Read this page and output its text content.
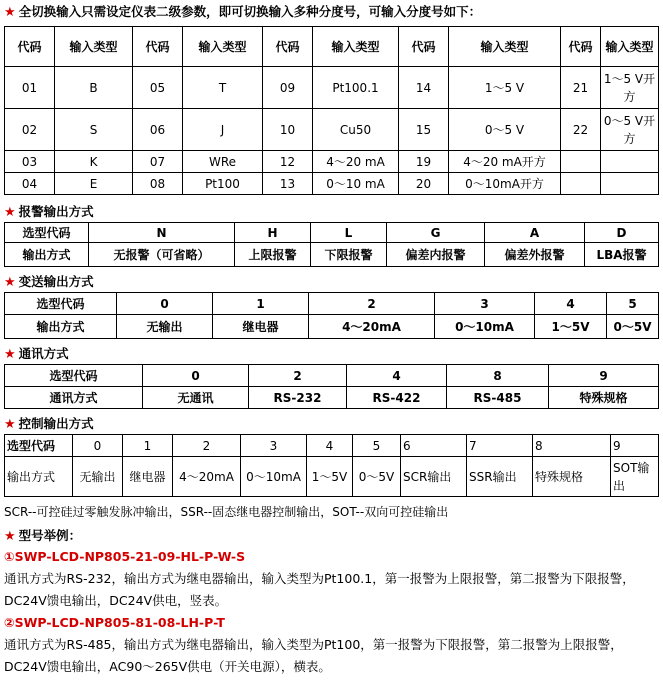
★ 全切换输入只需设定仪表二级参数，即可切换输入多种分度号，可输入分度号如下：
代码	输入类型	代码	输入类型	代码	输入类型	代码	输入类型	代码	输入类型
01	B	05	T	09	Pt100.1	14	1～5 V	21	1～5 V开方
02	S	06	J	10	Cu50	15	0～5 V	22	0～5 V开方
03	K	07	WRe	12	4～20 mA	19	4～20 mA开方		
04	E	08	Pt100	13	0～10 mA	20	0～10mA开方		
★ 报警输出方式
选型代码	N	H	L	G	A	D
输出方式	无报警（可省略）	上限报警	下限报警	偏差内报警	偏差外报警	LBA报警
★ 变送输出方式
选型代码	0	1	2	3	4	5
输出方式	无输出	继电器	4～20mA	0～10mA	1～5V	0～5V
★ 通讯方式
选型代码	0	2	4	8	9
通讯方式	无通讯	RS-232	RS-422	RS-485	特殊规格
★ 控制输出方式
选型代码	0	1	2	3	4	5	6	7	8	9
输出方式	无输出	继电器	4～20mA	0～10mA	1～5V	0～5V	SCR输出	SSR输出	特殊规格	SOT输出
SCR--可控硅过零触发脉冲输出，SSR--固态继电器控制输出，SOT--双向可控硅输出
★ 型号举例：
①SWP-LCD-NP805-21-09-HL-P-W-S
通讯方式为RS-232，输出方式为继电器输出，输入类型为Pt100.1，第一报警为上限报警，第二报警为下限报警，DC24V馈电输出，DC24V供电，竖表。
②SWP-LCD-NP805-81-08-LH-P-T
通讯方式为RS-485，输出方式为继电器输出，输入类型为Pt100，第一报警为下限报警，第二报警为上限报警，DC24V馈电输出，AC90～265V供电（开关电源），横表。
